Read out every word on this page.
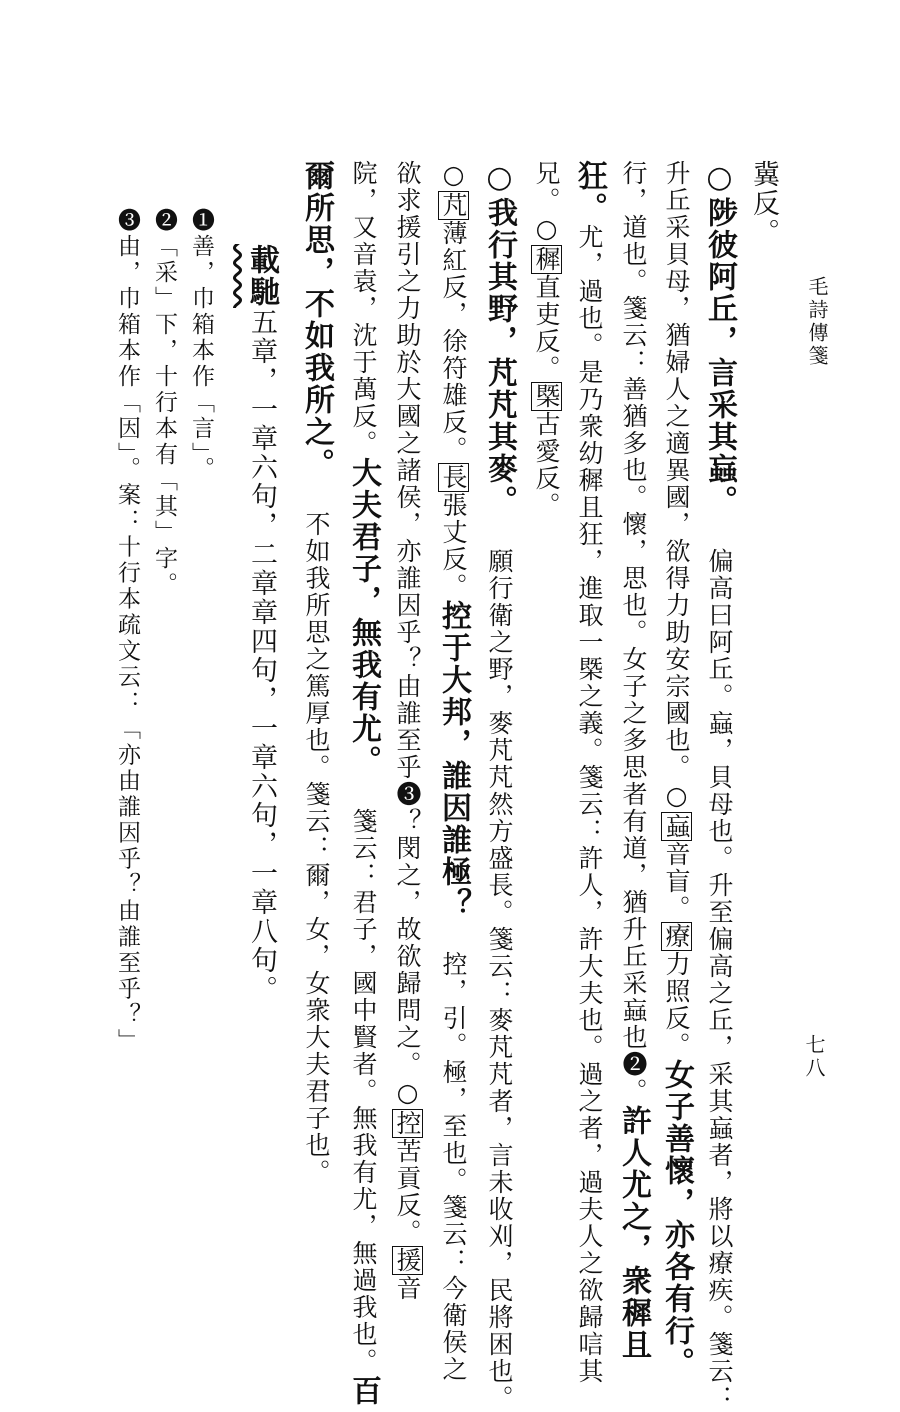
七八
毛詩傳箋
冀反。
○陟彼阿丘，言采其蝱。 偏高曰阿丘。蝱，貝母也。升至偏高之丘，采其蝱者，將以療疾。箋云：
升丘采貝母，猶婦人之適異國，欲得力助安宗國也。○蝱音盲。療力照反。女子善懷，亦各有行。
行，道也。箋云：善猶多也。懷，思也。女子之多思者有道，猶升丘采蝱也❷。許人尤之，衆穉且
狂。尤，過也。是乃衆幼穉且狂，進取一槩之義。箋云：許人，許大夫也。過之者，過夫人之欲歸唁其
兄。○穉直吏反。槩古愛反。
○我行其野，芃芃其麥。 願行衛之野，麥芃芃然方盛長。箋云：麥芃芃者，言未收刈，民將困也。
○芃薄紅反，徐符雄反。長張丈反。控于大邦，誰因誰極？ 控，引。極，至也。箋云：今衛侯之
欲求援引之力助於大國之諸侯，亦誰因乎？由誰至乎❸？閔之，故欲歸問之。○控苦貢反。援音
院，又音袁，沈于萬反。大夫君子，無我有尤。 箋云：君子，國中賢者。無我有尤，無過我也。百
爾所思，不如我所之。 不如我所思之篤厚也。箋云：爾，女，女衆大夫君子也。
載馳五章，一章六句，二章章四句，一章六句，一章八句。
❶善，巾箱本作「言」。
❷「采」下，十行本有「其」字。
❸由，巾箱本作「因」。案：十行本疏文云：「亦由誰因乎？由誰至乎？」
